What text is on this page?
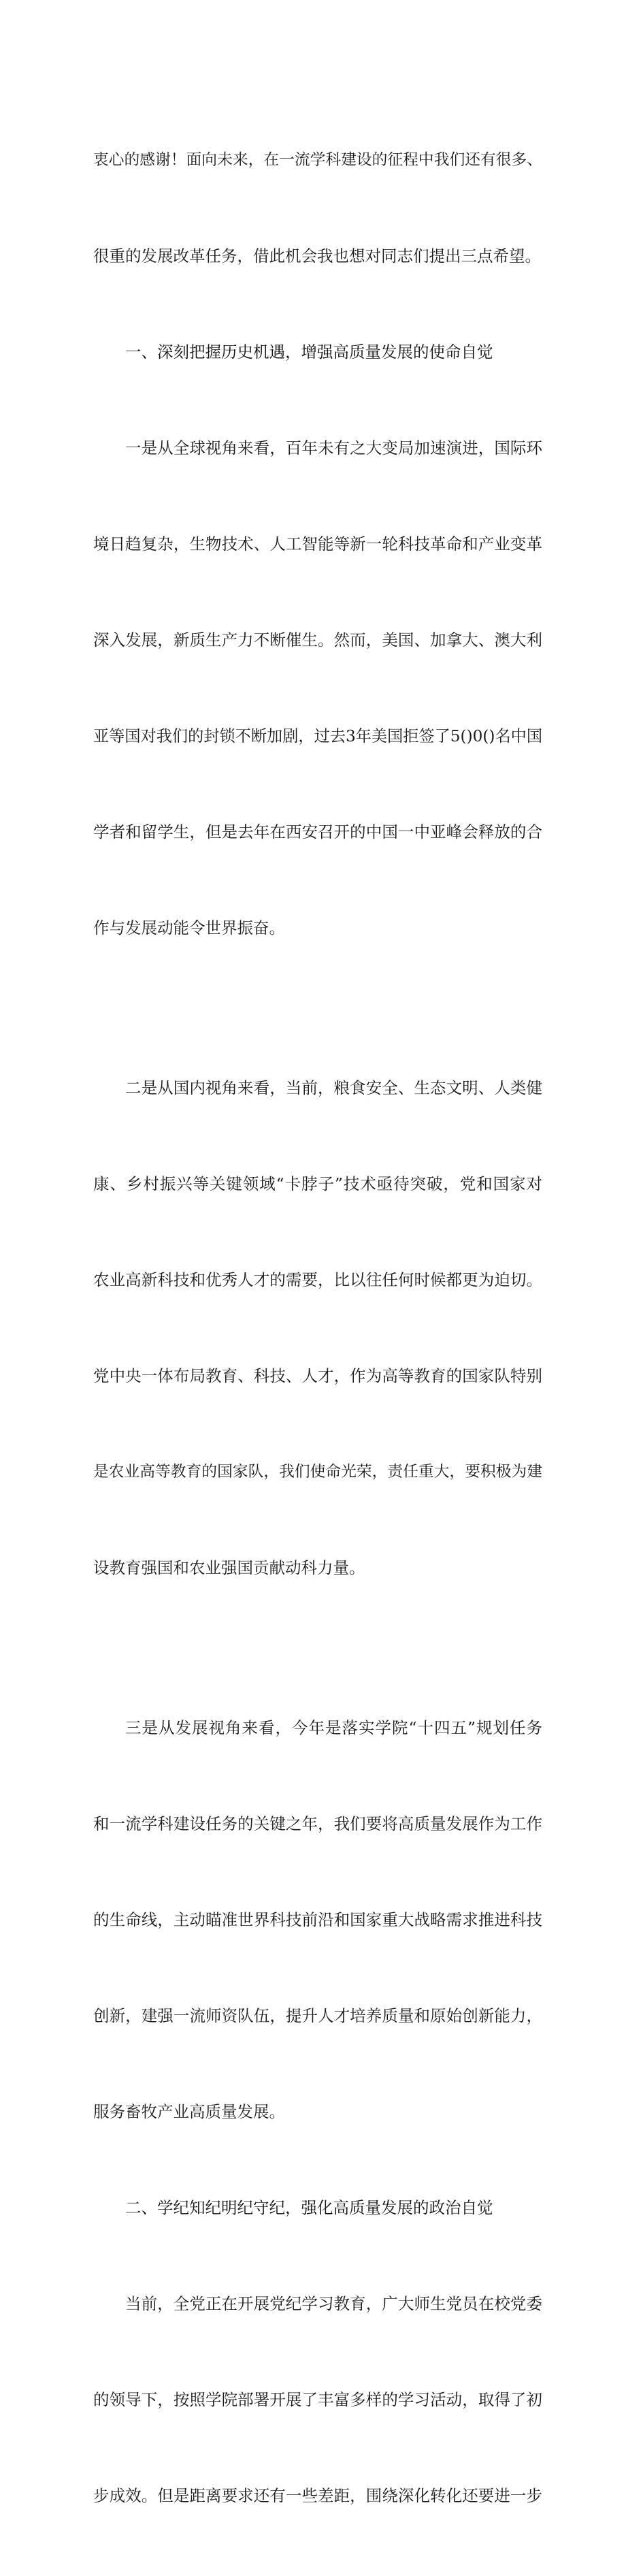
衷心的感谢！面向未来，在一流学科建设的征程中我们还有很多、

很重的发展改革任务，借此机会我也想对同志们提出三点希望。

一、深刻把握历史机遇，增强高质量发展的使命自觉

一是从全球视角来看，百年未有之大变局加速演进，国际环

境日趋复杂，生物技术、人工智能等新一轮科技革命和产业变革

深入发展，新质生产力不断催生。然而，美国、加拿大、澳大利

亚等国对我们的封锁不断加剧，过去3年美国拒签了5()0()名中国

学者和留学生，但是去年在西安召开的中国一中亚峰会释放的合

作与发展动能令世界振奋。

二是从国内视角来看，当前，粮食安全、生态文明、人类健

康、乡村振兴等关键领域“卡脖子”技术亟待突破，党和国家对

农业高新科技和优秀人才的需要，比以往任何时候都更为迫切。

党中央一体布局教育、科技、人才，作为高等教育的国家队特别

是农业高等教育的国家队，我们使命光荣，责任重大，要积极为建

设教育强国和农业强国贡献动科力量。

三是从发展视角来看，今年是落实学院“十四五”规划任务

和一流学科建设任务的关键之年，我们要将高质量发展作为工作

的生命线，主动瞄准世界科技前沿和国家重大战略需求推进科技

创新，建强一流师资队伍，提升人才培养质量和原始创新能力，

服务畜牧产业高质量发展。

二、学纪知纪明纪守纪，强化高质量发展的政治自觉

当前，全党正在开展党纪学习教育，广大师生党员在校党委

的领导下，按照学院部署开展了丰富多样的学习活动，取得了初

步成效。但是距离要求还有一些差距，围绕深化转化还要进一步
